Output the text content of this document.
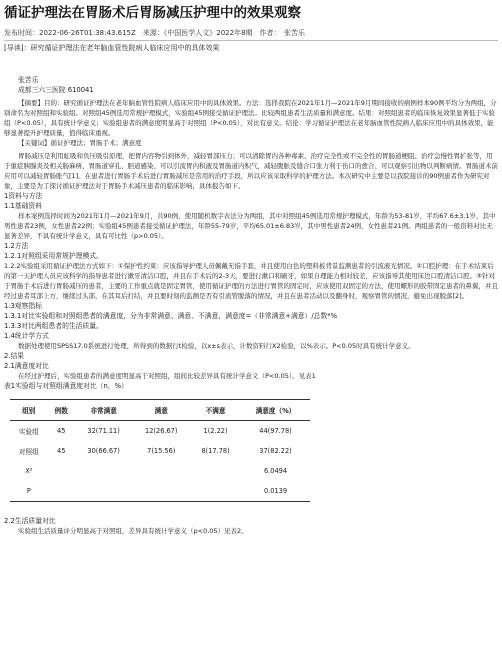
循证护理法在胃肠术后胃肠减压护理中的效果观察
发布时间：2022-06-26T01:38:43.615Z　来源：《中国医学人文》2022年8期　作者：　张苦乐
[导读]：研究循证护理法在老年脑血管性院病人临床应用中的具体效果
张苦乐
成都三六三医院 610041

【摘要】目的：研究循证护理法在老年脑血管性院病人临床应用中的具体效果。方法：选择我院在2021年1月—2021年9月期间接收的病例样本90例平均分为两组，分别命名为对照组和实验组。对照组45例选用常规护理模式，实验组45例接受循证护理法。比较两组患者生活质量和满意度。结果：对照组患者的临床恢复效果显著低于实验组（P<0.05），具有统计学意义；实验组患者的满意度明显高于对照组（P<0.05），对比有意义。结论：学习循证护理法在老年脑血管性院病人临床应用中的具体效果，能够显著提升护理质量，值得临床重视。

【关键词】循证护理法；胃肠手术；满意度

胃肠减压是利用虹吸和负压吸引原理，把胃内容物引到体外，减轻胃部压力；可以清除胃内各种毒素、治疗完全性或不完全性的胃肠道梗阻、治疗急慢性胃扩张等，用于重症胰腺炎及相关肠麻痹、胃肠道穿孔、胆道感染、可以引流胃内积液及胃肠道内积气，减轻腹胀及缝合口张力利于伤口的愈合、可以观察引出物以判断病情。胃肠道术前应用可以减轻胃肠胀气[1]。在患者进行胃肠手术后进行胃肠减压是常用的治疗手段，所以应该采取科学的护理方法。本次研究中主要是以我院接诊的90例患者作为研究对象，主要是为了探讨循证护理法对于胃肠手术减压患者的临床影响，具体报告如下。

1资料与方法
1.1基础资料

样本案例选择时间为2021年1月—2021年9月，共90例，使用随机数字表法分为两组，其中对照组45例选用常规护理模式，年龄为53-81岁，平均67.6±3.1岁，其中男性患者23例，女性患者22例；实验组45例患者接受循证护理法，年龄55-79岁，平均65.01±6.83岁，其中男性患者24例，女性患者21例。两组患者的一般资料对比无显著差异，不具有统计学意义，具有可比性（p>0.05）。

1.2方法
1.2.1对照组采用常规护理模式。

1.2.2实验组采用循证护理法方式如下：①保护性约束：应该指导护理人员佩戴无指手套，并且使用白色的塑料板背景监测患者的引流液光情况。②口腔护理：在手术结束后的第一天护理人员应该科学的指导患者进行漱牙清洁口腔，并且在手术后的2-3天，要进行漱口和刷牙，如果自理能力相对较差，应该指导其使用床边口腔清洁口腔。③针对于胃肠手术后进行胃肠减压的患者，主要的工作重点就是固定胃管，使用循证护理的方法进行胃管的固定时，应该使用双固定的方法，使用螺形的胶带固定患者的鼻翼，并且经过患者耳部上方，继续过头部，在其耳后打结，并且要时刻的监测是否有引流管脱落的情况，并且在患者活动以及翻身时，观察胃管的情况，避免出现脱落[2]。

1.3观察指标
1.3.1对比实验组和对照组患者的满意度，分为非常满意、满意、不满意，满意度=（非常满意+满意）/总数*%
1.3.3对比两组患者的生活质量。
1.4统计学方式

数据处理使用SPSS17.0系统进行处理，所得到的数据行t检验，以x±s表示，计数资料行X2检验，以%表示。P<0.05时具有统计学意义。

2.结果
2.1满意度对比

在经过护理后，实验组患者的满意度明显高于对照组，组间比较差异具有统计学意义（P<0.05）。见表1

表1实验组与对照组满意度对比（n，%）
组别	例数	非常满意	满意	不满意	满意度（%）
实验组	45	32(71.11)	12(26.67)	1(2.22)	44(97.78)
对照组	45	30(66.67)	7(15.56)	8(17.78)	37(82.22)
X²					6.0494
P					0.0139
2.2生活质量对比

实验组生活质量评分明显高于对照组，差异具有统计学意义（p<0.05）见表2。
